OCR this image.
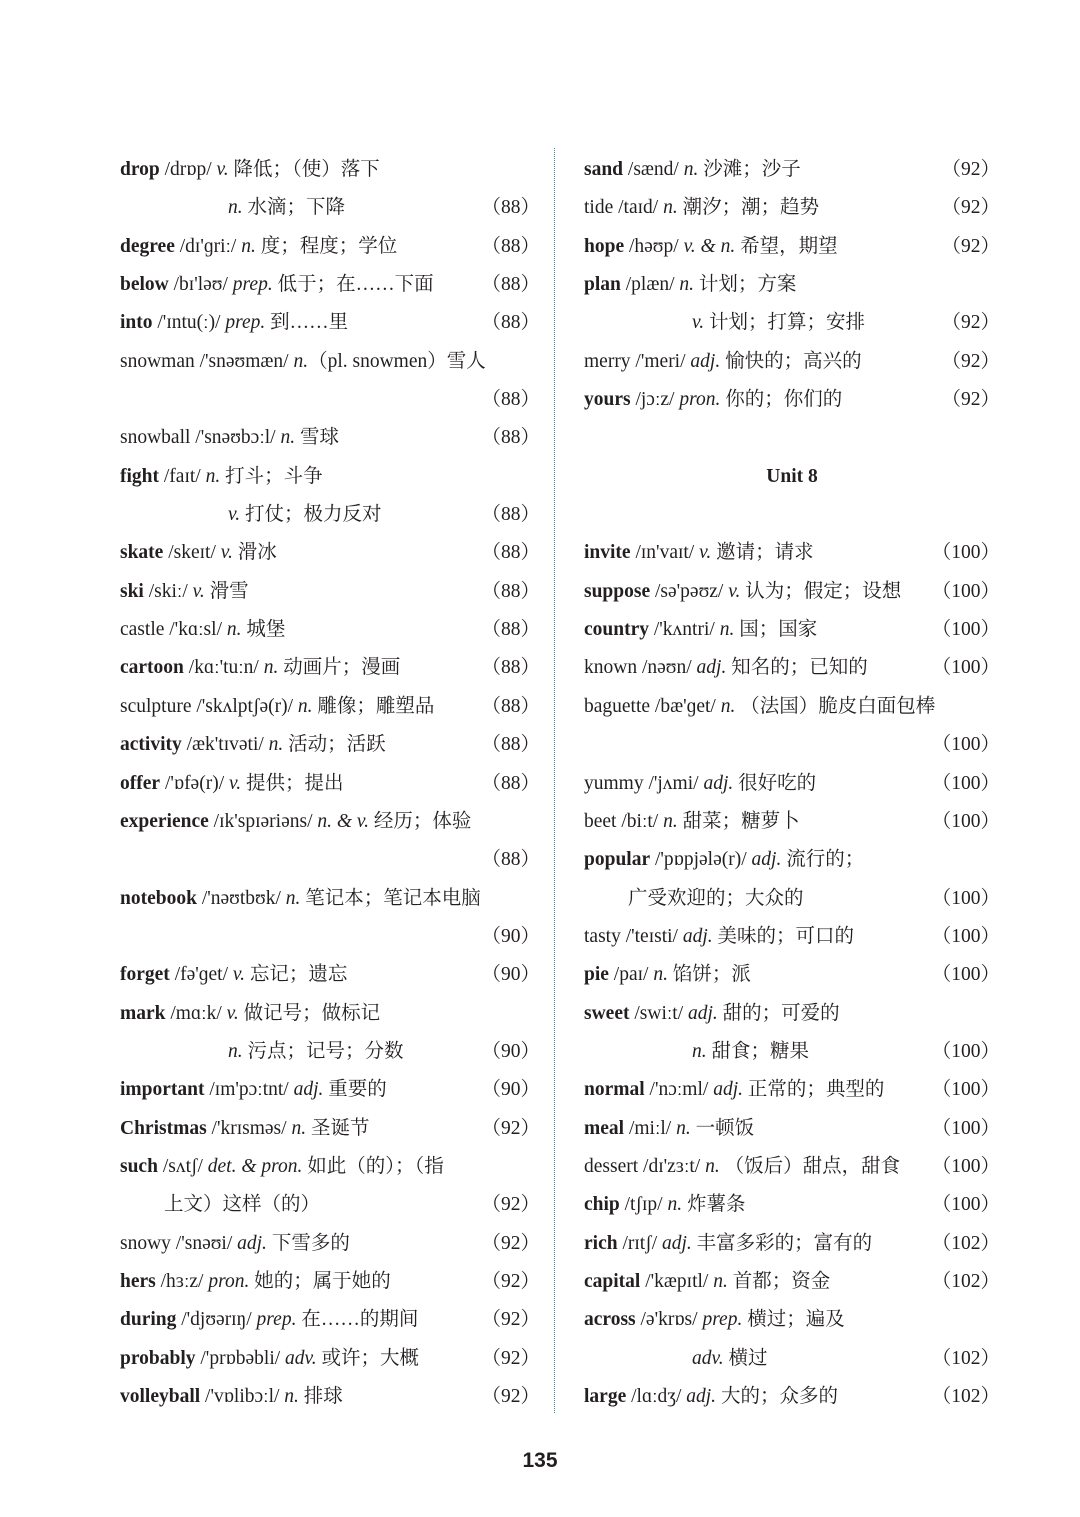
drop /drɒp/ v. 降低；（使）落下
n. 水滴；下降	（88）
degree /dɪ'ɡriː/ n. 度；程度；学位	（88）
below /bɪ'ləʊ/ prep. 低于；在……下面 （88）
into /'ɪntu(ː)/ prep. 到……里	（88）
snowman /'snəʊmæn/ n.（pl. snowmen）雪人
（88）
snowball /'snəʊbɔːl/ n. 雪球	（88）
fight /faɪt/ n. 打斗；斗争
v. 打仗；极力反对	（88）
skate /skeɪt/ v. 滑冰	（88）
ski /skiː/ v. 滑雪	（88）
castle /'kɑːsl/ n. 城堡	（88）
cartoon /kɑː'tuːn/ n. 动画片；漫画	（88）
sculpture /'skʌlptʃə(r)/ n. 雕像；雕塑品 （88）
activity /æk'tɪvəti/ n. 活动；活跃	（88）
offer /'ɒfə(r)/ v. 提供；提出	（88）
experience /ɪk'spɪəriəns/ n. & v. 经历；体验
（88）
notebook /'nəʊtbʊk/ n. 笔记本；笔记本电脑
（90）
forget /fə'ɡet/ v. 忘记；遗忘	（90）
mark /mɑːk/ v. 做记号；做标记
n. 污点；记号；分数	（90）
important /ɪm'pɔːtnt/ adj. 重要的	（90）
Christmas /'krɪsməs/ n. 圣诞节	（92）
such /sʌtʃ/ det. & pron. 如此（的）；（指
上文）这样（的）	（92）
snowy /'snəʊi/ adj. 下雪多的	（92）
hers /hɜːz/ pron. 她的；属于她的	（92）
during /'djʊərɪŋ/ prep. 在……的期间	（92）
probably /'prɒbəbli/ adv. 或许；大概	（92）
volleyball /'vɒlibɔːl/ n. 排球	（92）
sand /sænd/ n. 沙滩；沙子	（92）
tide /taɪd/ n. 潮汐；潮；趋势	（92）
hope /həʊp/ v. & n. 希望，期望	（92）
plan /plæn/ n. 计划；方案
v. 计划；打算；安排	（92）
merry /'meri/ adj. 愉快的；高兴的	（92）
yours /jɔːz/ pron. 你的；你们的	（92）
Unit 8
invite /ɪn'vaɪt/ v. 邀请；请求	（100）
suppose /sə'pəʊz/ v. 认为；假定；设想 （100）
country /'kʌntri/ n. 国；国家	（100）
known /nəʊn/ adj. 知名的；已知的	（100）
baguette /bæ'ɡet/ n. （法国）脆皮白面包棒
（100）
yummy /'jʌmi/ adj. 很好吃的	（100）
beet /biːt/ n. 甜菜；糖萝卜	（100）
popular /'pɒpjələ(r)/ adj. 流行的；
广受欢迎的；大众的	（100）
tasty /'teɪsti/ adj. 美味的；可口的	（100）
pie /paɪ/ n. 馅饼；派	（100）
sweet /swiːt/ adj. 甜的；可爱的
n. 甜食；糖果	（100）
normal /'nɔːml/ adj. 正常的；典型的 （100）
meal /miːl/ n. 一顿饭	（100）
dessert /dɪ'zɜːt/ n. （饭后）甜点，甜食 （100）
chip /tʃɪp/ n. 炸薯条	（100）
rich /rɪtʃ/ adj. 丰富多彩的；富有的	（102）
capital /'kæpɪtl/ n. 首都；资金	（102）
across /ə'krɒs/ prep. 横过；遍及
adv. 横过	（102）
large /lɑːdʒ/ adj. 大的；众多的	（102）
135
